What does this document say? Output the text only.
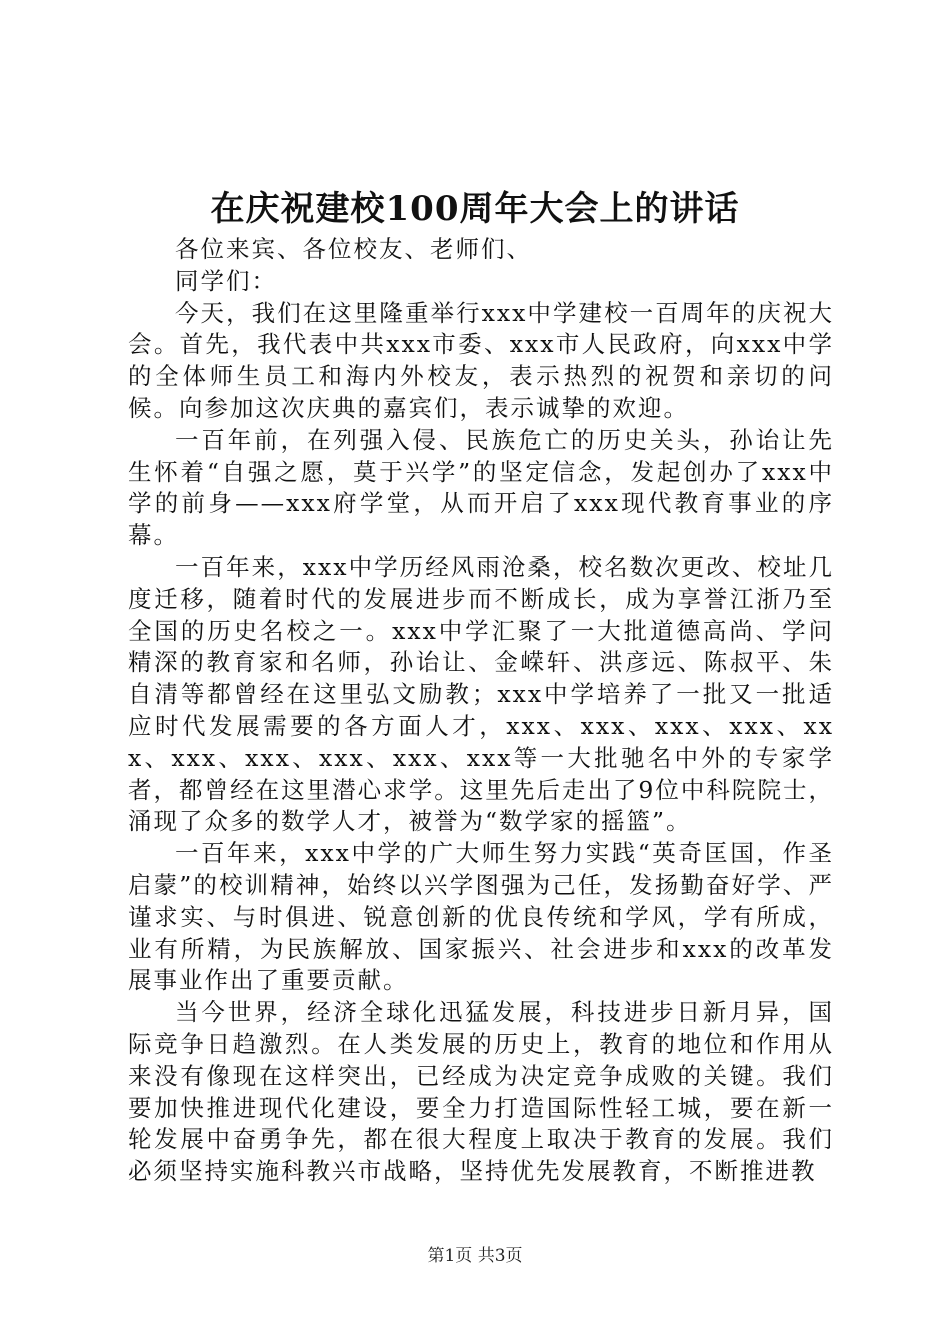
在庆祝建校100周年大会上的讲话

各位来宾、各位校友、老师们、

同学们：

今天，我们在这里隆重举行xxx中学建校一百周年的庆祝大会。首先，我代表中共xxx市委、xxx市人民政府，向xxx中学的全体师生员工和海内外校友，表示热烈的祝贺和亲切的问候。向参加这次庆典的嘉宾们，表示诚挚的欢迎。

一百年前，在列强入侵、民族危亡的历史关头，孙诒让先生怀着“自强之愿，莫于兴学”的坚定信念，发起创办了xxx中学的前身——xxx府学堂，从而开启了xxx现代教育事业的序幕。

一百年来，xxx中学历经风雨沧桑，校名数次更改、校址几度迁移，随着时代的发展进步而不断成长，成为享誉江浙乃至全国的历史名校之一。xxx中学汇聚了一大批道德高尚、学问精深的教育家和名师，孙诒让、金嵘轩、洪彦远、陈叔平、朱自清等都曾经在这里弘文励教；xxx中学培养了一批又一批适应时代发展需要的各方面人才，xxx、xxx、xxx、xxx、xxx、xxx、xxx、xxx、xxx、xxx等一大批驰名中外的专家学者，都曾经在这里潜心求学。这里先后走出了9位中科院院士，涌现了众多的数学人才，被誉为“数学家的摇篮”。

一百年来，xxx中学的广大师生努力实践“英奇匡国，作圣启蒙”的校训精神，始终以兴学图强为己任，发扬勤奋好学、严谨求实、与时俱进、锐意创新的优良传统和学风，学有所成，业有所精，为民族解放、国家振兴、社会进步和xxx的改革发展事业作出了重要贡献。

当今世界，经济全球化迅猛发展，科技进步日新月异，国际竞争日趋激烈。在人类发展的历史上，教育的地位和作用从来没有像现在这样突出，已经成为决定竞争成败的关键。我们要加快推进现代化建设，要全力打造国际性轻工城，要在新一轮发展中奋勇争先，都在很大程度上取决于教育的发展。我们必须坚持实施科教兴市战略，坚持优先发展教育，不断推进教

第1页 共3页
